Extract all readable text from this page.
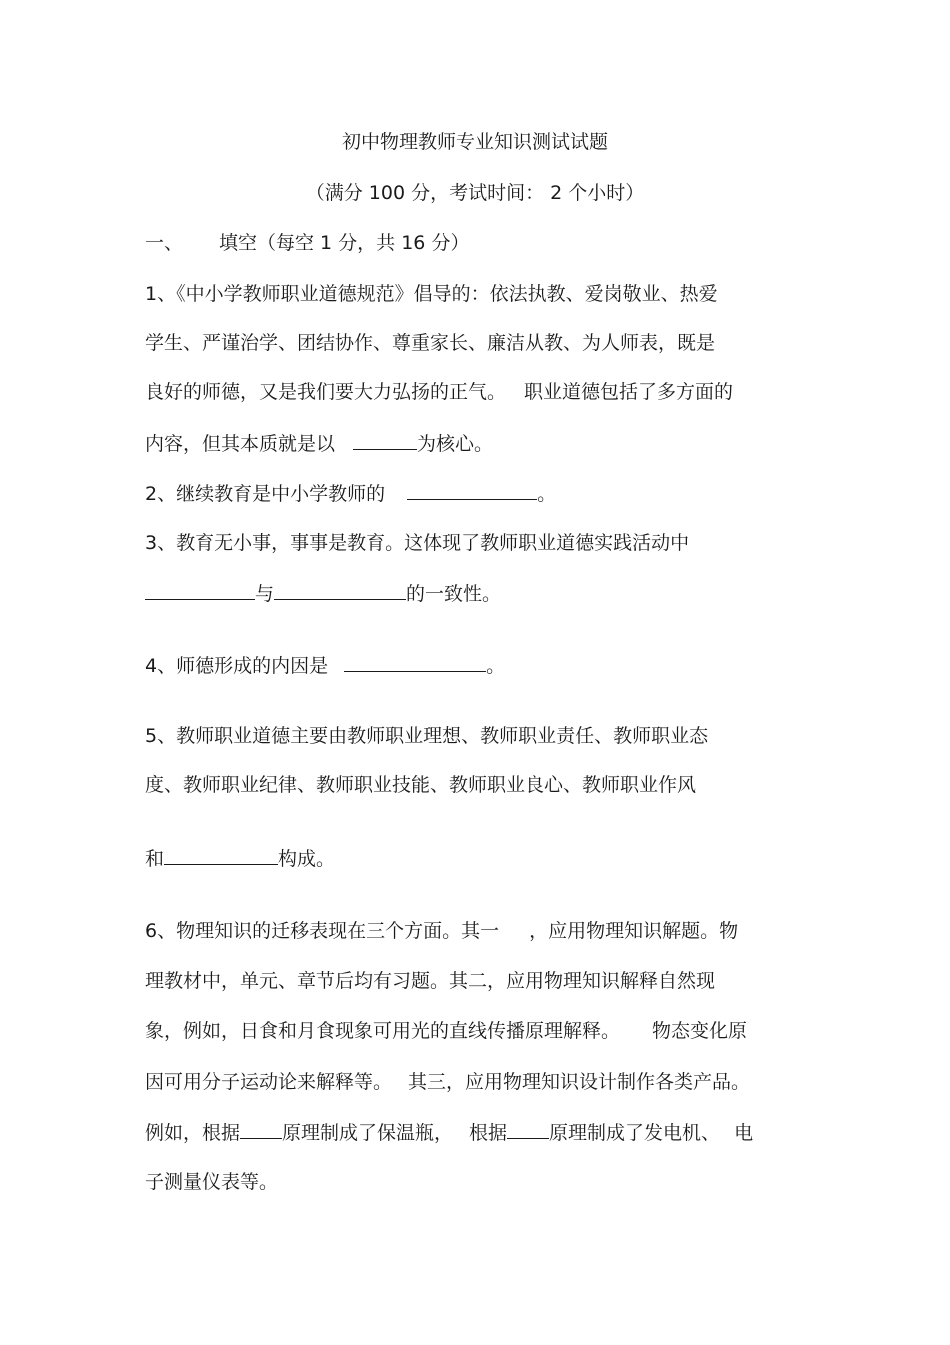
初中物理教师专业知识测试试题
（满分 100 分，考试时间： 2 个小时）
一、 填空（每空 1 分，共 16 分）
1、《中小学教师职业道德规范》倡导的：依法执教、爱岗敬业、热爱
学生、严谨治学、团结协作、尊重家长、廉洁从教、为人师表，既是
良好的师德，又是我们要大力弘扬的正气。 职业道德包括了多方面的
内容，但其本质就是以	为核心。
2、继续教育是中小学教师的	。
3、教育无小事，事事是教育。这体现了教师职业道德实践活动中
与	的一致性。
4、师德形成的内因是	。
5、教师职业道德主要由教师职业理想、教师职业责任、教师职业态
度、教师职业纪律、教师职业技能、教师职业良心、教师职业作风
和	构成。
6、物理知识的迁移表现在三个方面。其一 ，应用物理知识解题。物
理教材中，单元、章节后均有习题。其二，应用物理知识解释自然现
象，例如，日食和月食现象可用光的直线传播原理解释。 物态变化原
因可用分子运动论来解释等。 其三，应用物理知识设计制作各类产品。
例如，根据 原理制成了保温瓶， 根据 原理制成了发电机、 电
子测量仪表等。
